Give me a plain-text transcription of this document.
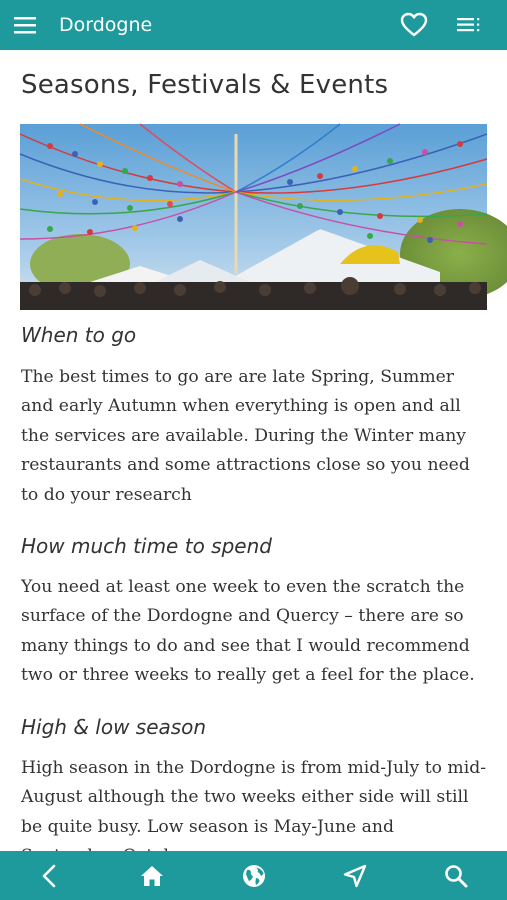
Dordogne
Seasons, Festivals & Events
When to go

The best times to go are are late Spring, Summer and early Autumn when everything is open and all the services are available. During the Winter many restaurants and some attractions close so you need to do your research

How much time to spend

You need at least one week to even the scratch the surface of the Dordogne and Quercy – there are so many things to do and see that I would recommend two or three weeks to really get a feel for the place.

High & low season

High season in the Dordogne is from mid-July to mid-August although the two weeks either side will still be quite busy. Low season is May-June and
